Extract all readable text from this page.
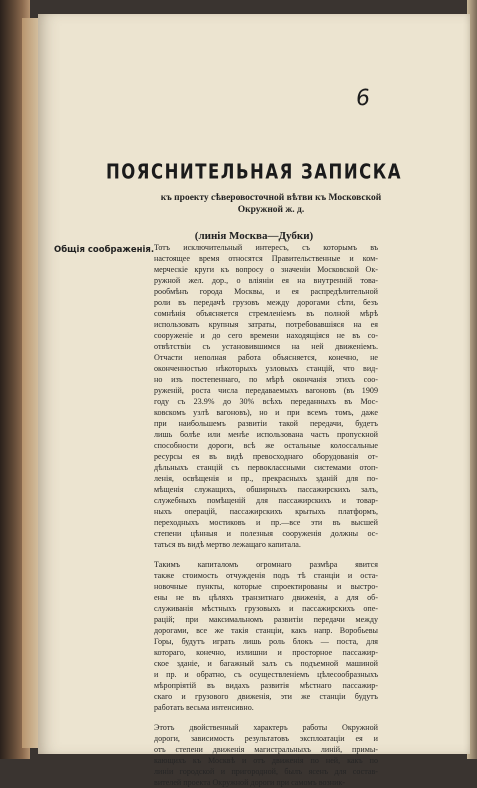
6
ПОЯСНИТЕЛЬНАЯ ЗАПИСКА
къ проекту сѣверовосточной вѣтви къ Московской Окружной ж. д.
(линія Москва—Дубки)
Общія соображенія. Тотъ исключительный интересъ, съ которымъ въ
настоящее время относятся Правительственные и ком-
мерческіе круги къ вопросу о значеніи Московской Ок-
ружной жел. дор., о вліяніи ея на внутренній това-
рообмѣнъ города Москвы, и ея распредѣлительной
роли въ передачѣ грузовъ между дорогами сѣти, безъ
сомнѣнія объясняется стремленіемъ въ полной мѣрѣ
использовать крупныя затраты, потребовавшіяся на ея
сооруженіе и до сего времени находящіяся не въ со-
отвѣтствіи съ установившимся на ней движеніемъ.
Отчасти неполная работа объясняется, конечно, не
оконченностью нѣкоторыхъ узловыхъ станцій, что вид-
но изъ постепеннаго, по мѣрѣ окончанія этихъ соо-
руженій, роста числа передаваемыхъ вагоновъ (въ 1909
году съ 23.9% до 30% всѣхъ переданныхъ въ Мос-
ковскомъ узлѣ вагоновъ), но и при всемъ томъ, даже
при наибольшемъ развитіи такой передачи, будетъ
лишь болѣе или менѣе использована часть пропускной
способности дороги, всѣ же остальные колоссальные
ресурсы ея въ видѣ превосходнаго оборудованія от-
дѣльныхъ станцій съ первоклассными системами отоп-
ленія, освѣщенія и пр., прекрасныхъ зданій для по-
мѣщенія служащихъ, обширныхъ пассажирскихъ залъ,
служебныхъ помѣщеній для пассажирскихъ и товар-
ныхъ операцій, пассажирскихъ крытыхъ платформъ,
переходныхъ мостиковъ и пр.—все эти въ высшей
степени цѣнныя и полезныя сооруженія должны ос-
таться въ видѣ мертво лежащаго капитала.

Такимъ капиталомъ огромнаго размѣра явится
также стоимость отчужденія подъ тѣ станціи и оста-
новочные пункты, которые спроектированы и выстро-
ены не въ цѣляхъ транзитнаго движенія, а для об-
служиванія мѣстныхъ грузовыхъ и пассажирскихъ опе-
рацій; при максимальномъ развитіи передачи между
дорогами, все же такія станціи, какъ напр. Воробьевы
Горы, будутъ играть лишь роль блокъ — поста, для
котораго, конечно, излишни и просторное пассажир-
ское зданіе, и багажный залъ съ подъемной машиной
и пр. и обратно, съ осуществленіемъ цѣлесообразныхъ
мѣропріятій въ видахъ развитія мѣстнаго пассажир-
скаго и грузового движенія, эти же станціи будутъ
работать весьма интенсивно.

Этотъ двойственный характеръ работы Окружной
дороги, зависимость результатовъ эксплоатаціи ея и
отъ степени движенія магистральныхъ линій, примы-
кающихъ къ Москвѣ и отъ движенія по ней, какъ по
линіи городской и пригородной, былъ ясенъ для состав-
вителей проекта Окружной дороги при самомъ возник-
